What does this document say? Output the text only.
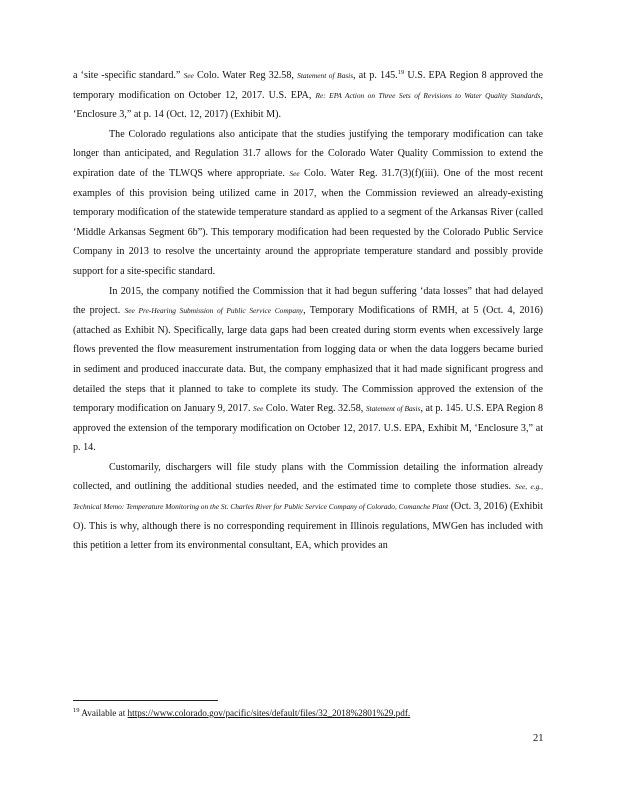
a ‘site -specific standard.” See Colo. Water Reg 32.58, Statement of Basis, at p. 145.19 U.S. EPA Region 8 approved the temporary modification on October 12, 2017. U.S. EPA, Re: EPA Action on Three Sets of Revisions to Water Quality Standards, ‘Enclosure 3,” at p. 14 (Oct. 12, 2017) (Exhibit M).

The Colorado regulations also anticipate that the studies justifying the temporary modification can take longer than anticipated, and Regulation 31.7 allows for the Colorado Water Quality Commission to extend the expiration date of the TLWQS where appropriate. See Colo. Water Reg. 31.7(3)(f)(iii). One of the most recent examples of this provision being utilized came in 2017, when the Commission reviewed an already-existing temporary modification of the statewide temperature standard as applied to a segment of the Arkansas River (called ‘Middle Arkansas Segment 6b”). This temporary modification had been requested by the Colorado Public Service Company in 2013 to resolve the uncertainty around the appropriate temperature standard and possibly provide support for a site-specific standard.

In 2015, the company notified the Commission that it had begun suffering ‘data losses” that had delayed the project. See Pre-Hearing Submission of Public Service Company, Temporary Modifications of RMH, at 5 (Oct. 4, 2016) (attached as Exhibit N). Specifically, large data gaps had been created during storm events when excessively large flows prevented the flow measurement instrumentation from logging data or when the data loggers became buried in sediment and produced inaccurate data. But, the company emphasized that it had made significant progress and detailed the steps that it planned to take to complete its study. The Commission approved the extension of the temporary modification on January 9, 2017. See Colo. Water Reg. 32.58, Statement of Basis, at p. 145. U.S. EPA Region 8 approved the extension of the temporary modification on October 12, 2017. U.S. EPA, Exhibit M, ‘Enclosure 3,” at p. 14.

Customarily, dischargers will file study plans with the Commission detailing the information already collected, and outlining the additional studies needed, and the estimated time to complete those studies. See, e.g., Technical Memo: Temperature Monitoring on the St. Charles River for Public Service Company of Colorado, Comanche Plant (Oct. 3, 2016) (Exhibit O). This is why, although there is no corresponding requirement in Illinois regulations, MWGen has included with this petition a letter from its environmental consultant, EA, which provides an

$^{19}$ Available at https://www.colorado.gov/pacific/sites/default/files/32_2018%2801%29.pdf.
21
